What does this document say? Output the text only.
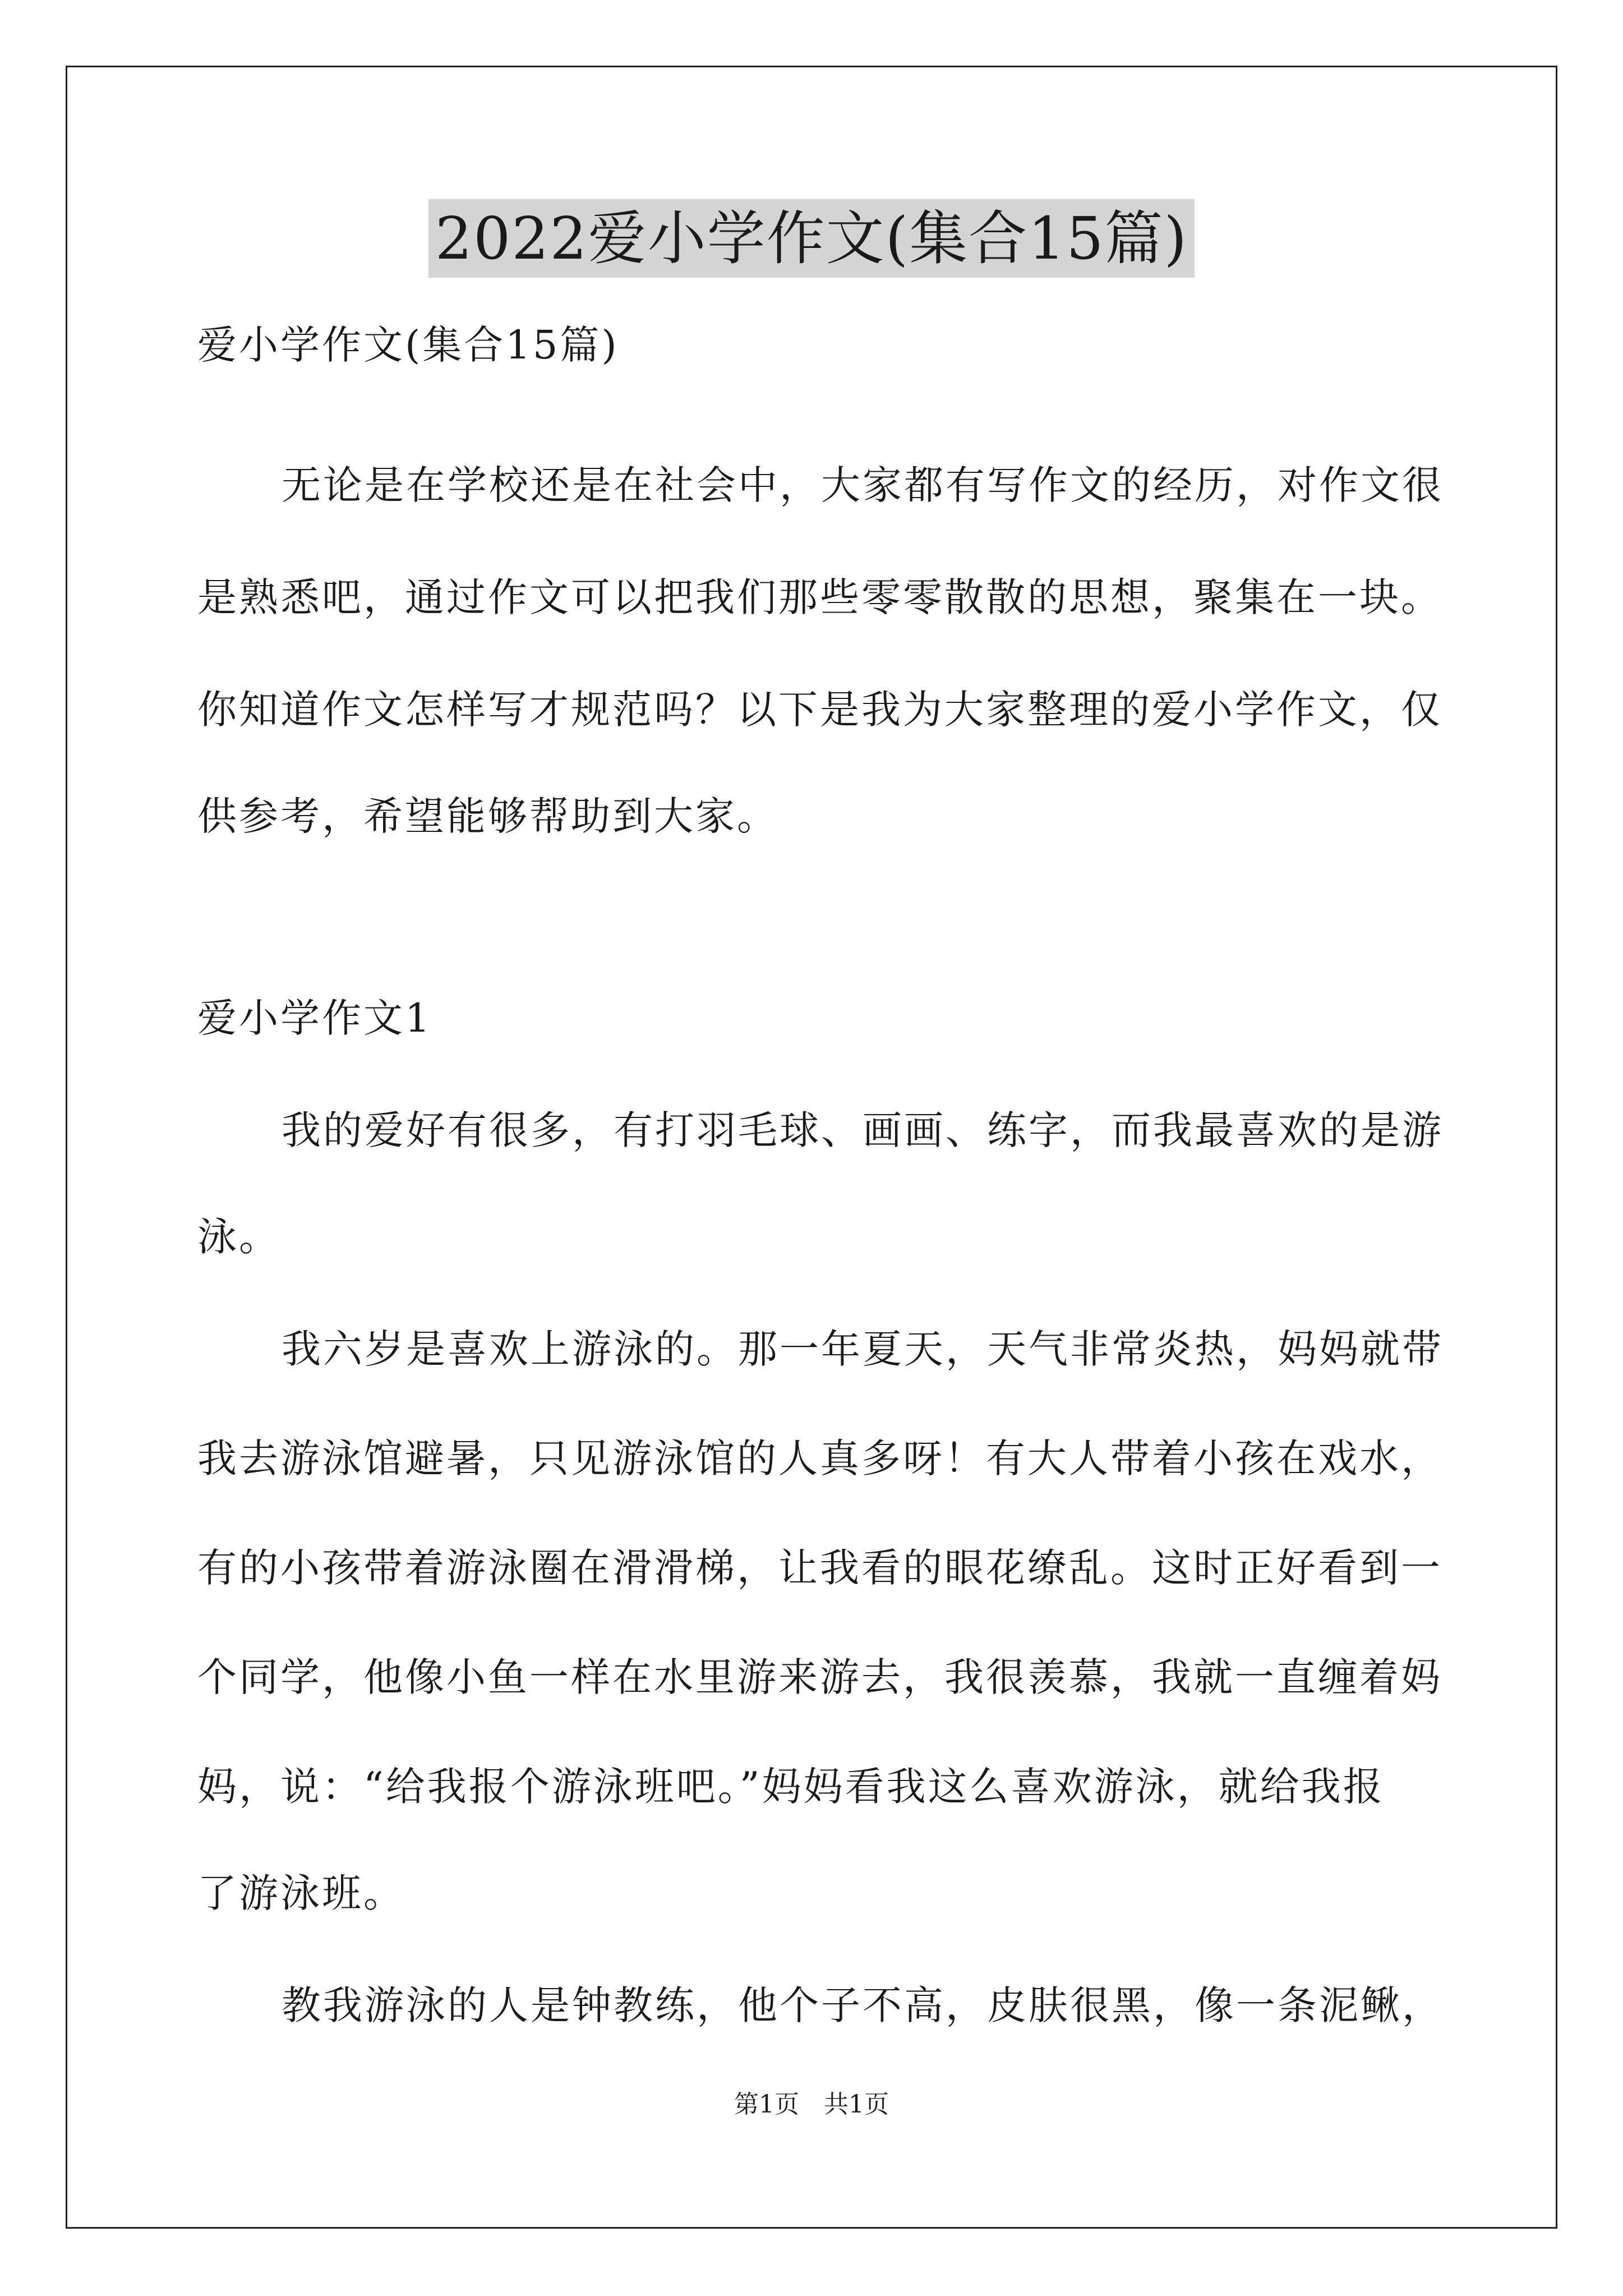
2022爱小学作文(集合15篇)
爱小学作文(集合15篇)
无论是在学校还是在社会中，大家都有写作文的经历，对作文很
是熟悉吧，通过作文可以把我们那些零零散散的思想，聚集在一块。
你知道作文怎样写才规范吗？以下是我为大家整理的爱小学作文，仅
供参考，希望能够帮助到大家。
爱小学作文1
我的爱好有很多，有打羽毛球、画画、练字，而我最喜欢的是游
泳。
我六岁是喜欢上游泳的。那一年夏天，天气非常炎热，妈妈就带
我去游泳馆避暑，只见游泳馆的人真多呀！有大人带着小孩在戏水，
有的小孩带着游泳圈在滑滑梯，让我看的眼花缭乱。这时正好看到一
个同学，他像小鱼一样在水里游来游去，我很羡慕，我就一直缠着妈
妈，说：“给我报个游泳班吧。”妈妈看我这么喜欢游泳，就给我报
了游泳班。
教我游泳的人是钟教练，他个子不高，皮肤很黑，像一条泥鳅，
第1页　共1页
